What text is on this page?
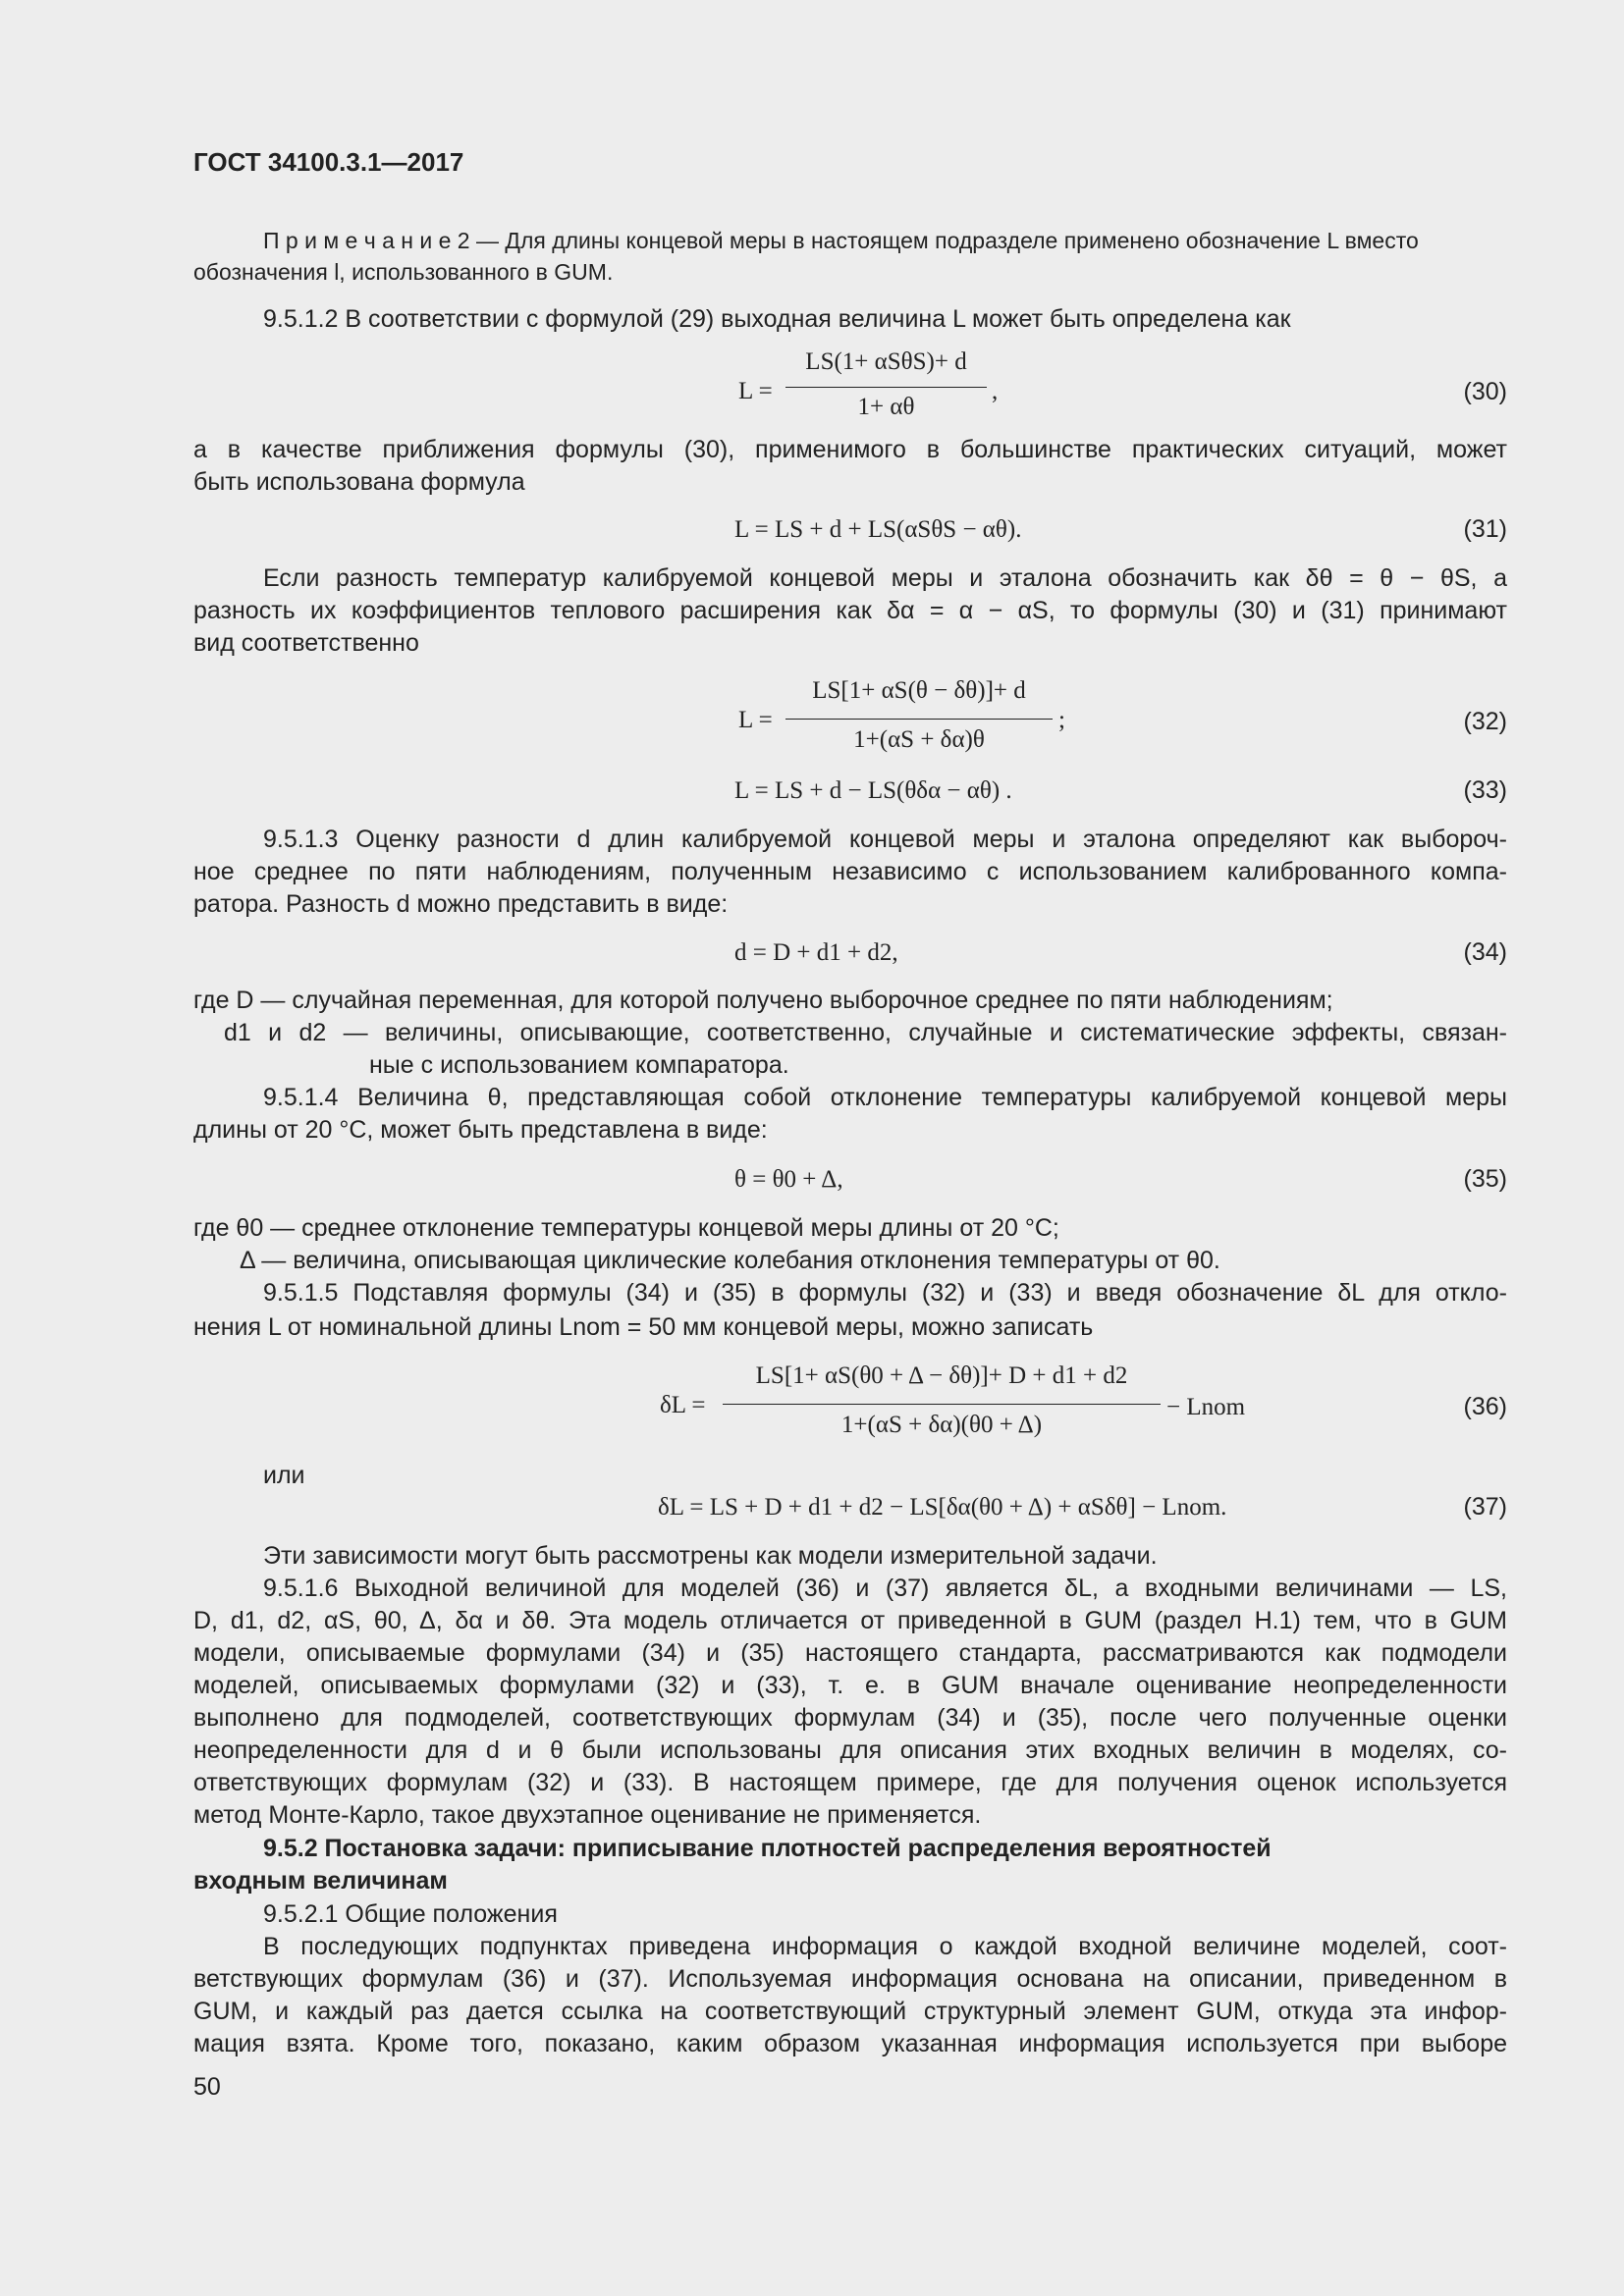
ГОСТ 34100.3.1—2017
П р и м е ч а н и е 2 — Для длины концевой меры в настоящем подразделе применено обозначение L вместо
обозначения l, использованного в GUM.
9.5.1.2 В соответствии с формулой (29) выходная величина L может быть определена как
L =
LS(1+ αSθS)+ d
1+ αθ
,	(30)
а в качестве приближения формулы (30), применимого в большинстве практических ситуаций, может
быть использована формула
L = LS + d + LS(αSθS − αθ).	(31)
Если разность температур калибруемой концевой меры и эталона обозначить как δθ = θ − θS, а
разность их коэффициентов теплового расширения как δα = α − αS, то формулы (30) и (31) принимают
вид соответственно
L =
LS[1+ αS(θ − δθ)]+ d
1+(αS + δα)θ
;	(32)
L = LS + d − LS(θδα − αθ) .	(33)
9.5.1.3 Оценку разности d длин калибруемой концевой меры и эталона определяют как выбороч-
ное среднее по пяти наблюдениям, полученным независимо с использованием калиброванного компа-
ратора. Разность d можно представить в виде:
d = D + d1 + d2,	(34)
где D — случайная переменная, для которой получено выборочное среднее по пяти наблюдениям;
d1 и d2 — величины, описывающие, соответственно, случайные и систематические эффекты, связан-
ные с использованием компаратора.
9.5.1.4 Величина θ, представляющая собой отклонение температуры калибруемой концевой меры
длины от 20 °С, может быть представлена в виде:
θ = θ0 + Δ,	(35)
где θ0 — среднее отклонение температуры концевой меры длины от 20 °С;
Δ — величина, описывающая циклические колебания отклонения температуры от θ0.
9.5.1.5 Подставляя формулы (34) и (35) в формулы (32) и (33) и введя обозначение δL для откло-
нения L от номинальной длины Lnom = 50 мм концевой меры, можно записать
δL =
LS[1+ αS(θ0 + Δ − δθ)]+ D + d1 + d2
1+(αS + δα)(θ0 + Δ)
− Lnom	(36)
или
δL = LS + D + d1 + d2 − LS[δα(θ0 + Δ) + αSδθ] − Lnom.	(37)
Эти зависимости могут быть рассмотрены как модели измерительной задачи.
9.5.1.6 Выходной величиной для моделей (36) и (37) является δL, а входными величинами — LS,
D, d1, d2, αS, θ0, Δ, δα и δθ. Эта модель отличается от приведенной в GUM (раздел Н.1) тем, что в GUM
модели, описываемые формулами (34) и (35) настоящего стандарта, рассматриваются как подмодели
моделей, описываемых формулами (32) и (33), т. е. в GUM вначале оценивание неопределенности
выполнено для подмоделей, соответствующих формулам (34) и (35), после чего полученные оценки
неопределенности для d и θ были использованы для описания этих входных величин в моделях, со-
ответствующих формулам (32) и (33). В настоящем примере, где для получения оценок используется
метод Монте-Карло, такое двухэтапное оценивание не применяется.
9.5.2 Постановка задачи: приписывание плотностей распределения вероятностей
входным величинам
9.5.2.1 Общие положения
В последующих подпунктах приведена информация о каждой входной величине моделей, соот-
ветствующих формулам (36) и (37). Используемая информация основана на описании, приведенном в
GUM, и каждый раз дается ссылка на соответствующий структурный элемент GUM, откуда эта инфор-
мация взята. Кроме того, показано, каким образом указанная информация используется при выборе
50
